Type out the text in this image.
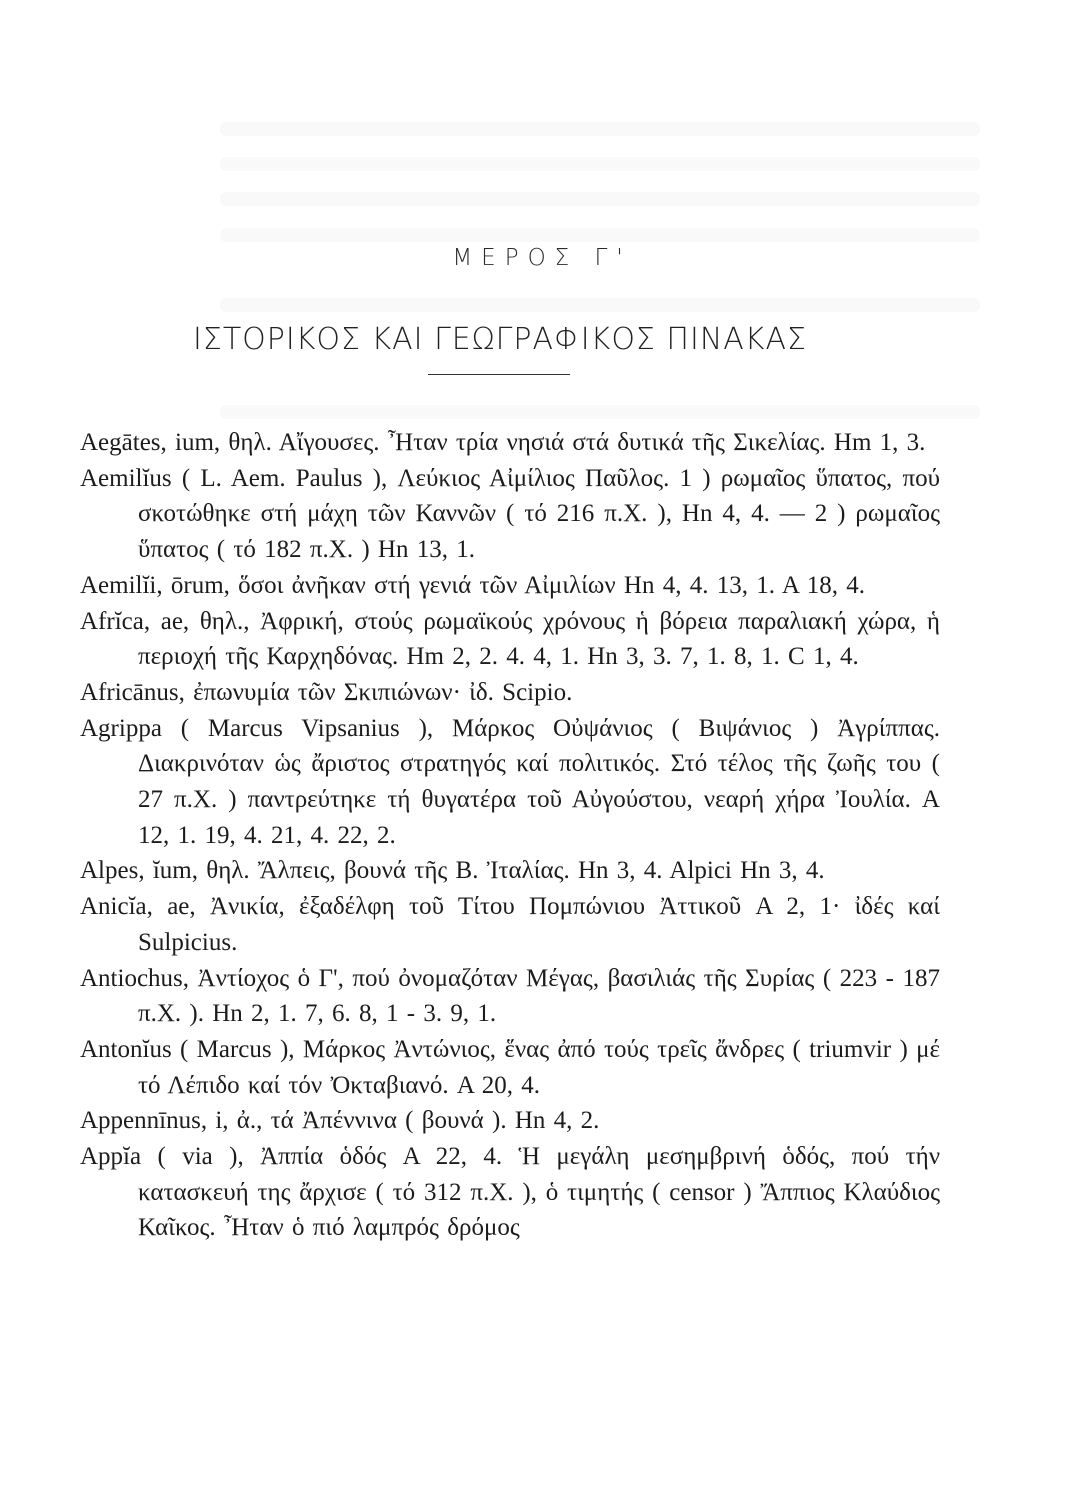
ΜΕΡΟΣ Γ'
ΙΣΤΟΡΙΚΟΣ ΚΑΙ ΓΕΩΓΡΑΦΙΚΟΣ ΠΙΝΑΚΑΣ

Aegātes, ium, θηλ. Αἴγουσες. Ἦταν τρία νησιά στά δυτικά τῆς Σικελίας. Hm 1, 3.

Aemilĭus ( L. Aem. Paulus ), Λεύκιος Αἰμίλιος Παῦλος. 1 ) ρωμαῖος ὕπατος, πού σκοτώθηκε στή μάχη τῶν Καννῶν ( τό 216 π.Χ. ), Hn 4, 4. — 2 ) ρωμαῖος ὕπατος ( τό 182 π.Χ. ) Hn 13, 1.

Aemilĭi, ōrum, ὅσοι ἀνῆκαν στή γενιά τῶν Αἰμιλίων Hn 4, 4. 13, 1. A 18, 4.

Afrĭca, ae, θηλ., Ἀφρική, στούς ρωμαϊκούς χρόνους ἡ βόρεια παραλιακή χώρα, ἡ περιοχή τῆς Καρχηδόνας. Hm 2, 2. 4. 4, 1. Hn 3, 3. 7, 1. 8, 1. C 1, 4.

Africānus, ἐπωνυμία τῶν Σκιπιώνων· ἰδ. Scipio.

Agrippa ( Marcus Vipsanius ), Μάρκος Οὐψάνιος ( Βιψάνιος ) Ἀγρίππας. Διακρινόταν ὡς ἄριστος στρατηγός καί πολιτικός. Στό τέλος τῆς ζωῆς του ( 27 π.Χ. ) παντρεύτηκε τή θυγατέρα τοῦ Αὐγούστου, νεαρή χήρα Ἰουλία. A 12, 1. 19, 4. 21, 4. 22, 2.

Alpes, ĭum, θηλ. Ἄλπεις, βουνά τῆς Β. Ἰταλίας. Hn 3, 4. Alpici Hn 3, 4.

Anicĭa, ae, Ἀνικία, ἐξαδέλφη τοῦ Τίτου Πομπώνιου Ἀττικοῦ A 2, 1· ἰδές καί Sulpicius.

Antiochus, Ἀντίοχος ὁ Γ', πού ὀνομαζόταν Μέγας, βασιλιάς τῆς Συρίας ( 223 - 187 π.Χ. ). Hn 2, 1. 7, 6. 8, 1 - 3. 9, 1.

Antonĭus ( Marcus ), Μάρκος Ἀντώνιος, ἕνας ἀπό τούς τρεῖς ἄνδρες ( triumvir ) μέ τό Λέπιδο καί τόν Ὀκταβιανό. A 20, 4.

Appennīnus, i, ἀ., τά Ἀπέννινα ( βουνά ). Hn 4, 2.

Appĭa ( via ), Ἀππία ὁδός A 22, 4. Ἡ μεγάλη μεσημβρινή ὁδός, πού τήν κατασκευή της ἄρχισε ( τό 312 π.Χ. ), ὁ τιμητής ( censor ) Ἄππιος Κλαύδιος Καῖκος. Ἦταν ὁ πιό λαμπρός δρόμος
